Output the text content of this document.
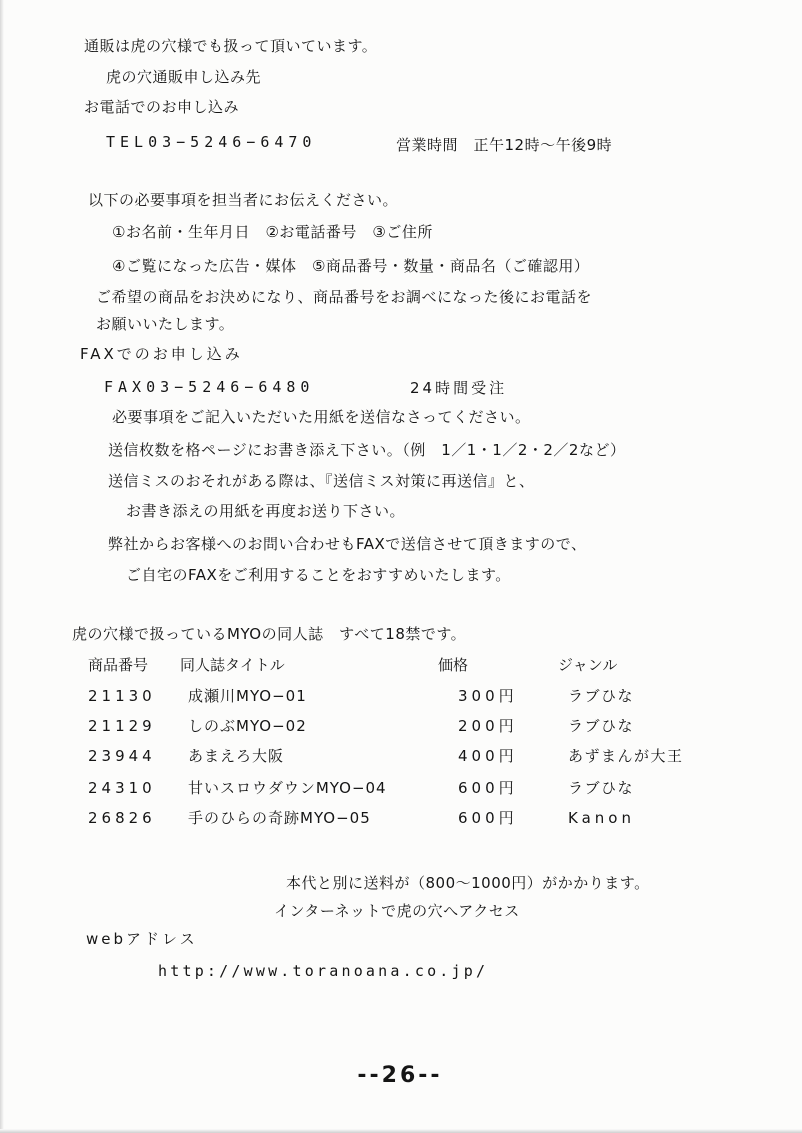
通販は虎の穴様でも扱って頂いています。
虎の穴通販申し込み先
お電話でのお申し込み
TEL03−5246−6470	営業時間　正午12時〜午後9時
以下の必要事項を担当者にお伝えください。
①お名前・生年月日　②お電話番号　③ご住所
④ご覧になった広告・媒体　⑤商品番号・数量・商品名（ご確認用）
ご希望の商品をお決めになり、商品番号をお調べになった後にお電話を
お願いいたします。
FAXでのお申し込み
FAX03−5246−6480	24時間受注
必要事項をご記入いただいた用紙を送信なさってください。
送信枚数を格ページにお書き添え下さい。（例　1／1・1／2・2／2など）
送信ミスのおそれがある際は、『送信ミス対策に再送信』と、
お書き添えの用紙を再度お送り下さい。
弊社からお客様へのお問い合わせもFAXで送信させて頂きますので、
ご自宅のFAXをご利用することをおすすめいたします。
虎の穴様で扱っているMYOの同人誌　すべて18禁です。
商品番号 同人誌タイトル	価格	ジャンル
21130 成瀬川MYO−01	300円	ラブひな
21129 しのぶMYO−02	200円	ラブひな
23944 あまえろ大阪	400円	あずまんが大王
24310 甘いスロウダウンMYO−04	600円	ラブひな
26826 手のひらの奇跡MYO−05	600円	Kanon
本代と別に送料が（800〜1000円）がかかります。
インターネットで虎の穴へアクセス
webアドレス
http://www.toranoana.co.jp/
--26--
